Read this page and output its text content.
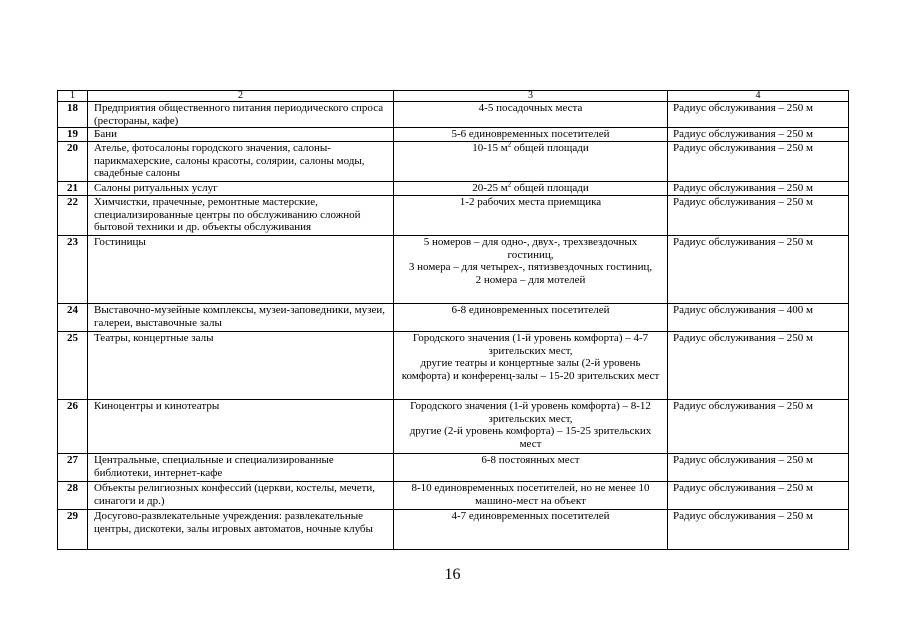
1	2	3	4
18	Предприятия общественного питания периодического спроса (рестораны, кафе)	4-5 посадочных места	Радиус обслуживания – 250 м
19	Бани	5-6 единовременных посетителей	Радиус обслуживания – 250 м
20	Ателье, фотосалоны городского значения, салоны-парикмахерские, салоны красоты, солярии, салоны моды, свадебные салоны	10-15 $м^2$ общей площади	Радиус обслуживания – 250 м
21	Салоны ритуальных услуг	20-25 $м^2$ общей площади	Радиус обслуживания – 250 м
22	Химчистки, прачечные, ремонтные мастерские, специализированные центры по обслуживанию сложной бытовой техники и др. объекты обслуживания	1-2 рабочих места приемщика	Радиус обслуживания – 250 м
23	Гостиницы	5 номеров – для одно-, двух-, трехзвездочных гостиниц,
3 номера – для четырех-, пятизвездочных гостиниц,
2 номера – для мотелей	Радиус обслуживания – 250 м
24	Выставочно-музейные комплексы, музеи-заповедники, музеи, галереи, выставочные залы	6-8 единовременных посетителей	Радиус обслуживания – 400 м
25	Театры, концертные залы	Городского значения (1-й уровень комфорта) – 4-7 зрительских мест,
другие театры и концертные залы (2-й уровень комфорта) и конференц-залы – 15-20 зрительских мест	Радиус обслуживания – 250 м
26	Киноцентры и кинотеатры	Городского значения (1-й уровень комфорта) – 8-12 зрительских мест,
другие (2-й уровень комфорта) – 15-25 зрительских мест	Радиус обслуживания – 250 м
27	Центральные, специальные и специализированные библиотеки, интернет-кафе	6-8 постоянных мест	Радиус обслуживания – 250 м
28	Объекты религиозных конфессий (церкви, костелы, мечети, синагоги и др.)	8-10 единовременных посетителей, но не менее 10 машино-мест на объект	Радиус обслуживания – 250 м
29	Досугово-развлекательные учреждения: развлекательные центры, дискотеки, залы игровых автоматов, ночные клубы	4-7 единовременных посетителей	Радиус обслуживания – 250 м
16
